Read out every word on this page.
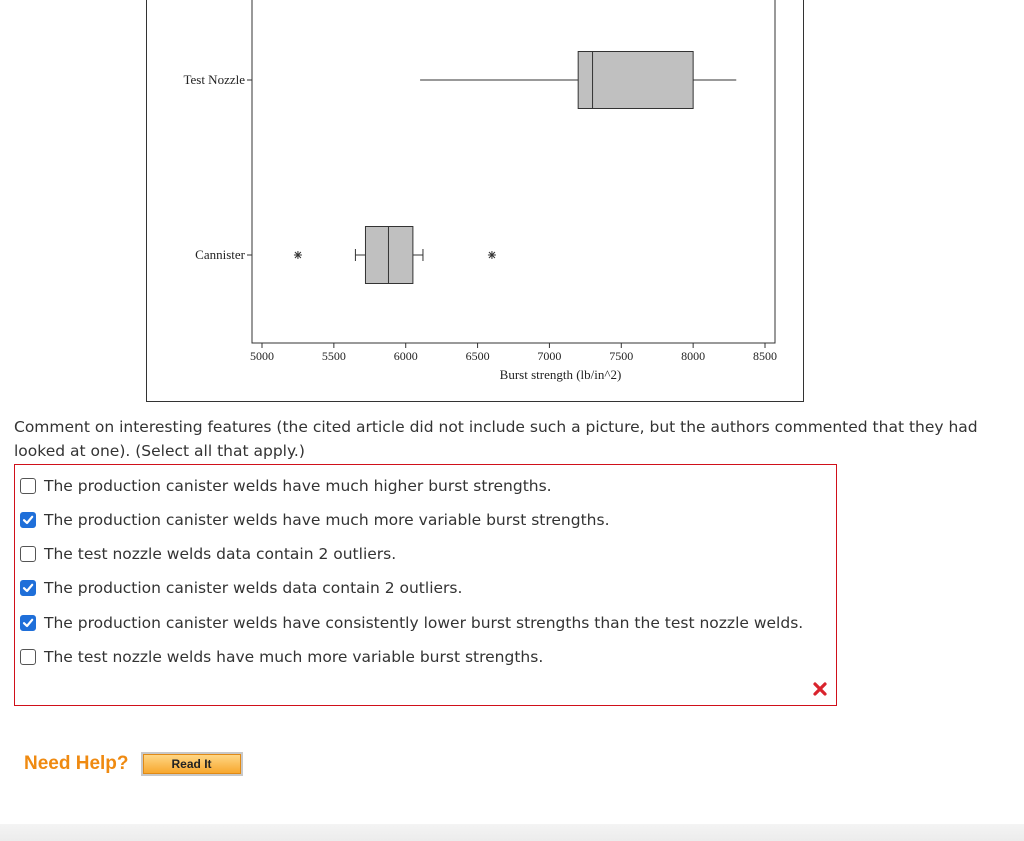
5000	5500	6000	6500	7000	7500	8000	8500
Burst strength (lb/in^2)
Test Nozzle
Cannister
Comment on interesting features (the cited article did not include such a picture, but the authors commented that they had looked at one). (Select all that apply.)
The production canister welds have much higher burst strengths.
The production canister welds have much more variable burst strengths.
The test nozzle welds data contain 2 outliers.
The production canister welds data contain 2 outliers.
The production canister welds have consistently lower burst strengths than the test nozzle welds.
The test nozzle welds have much more variable burst strengths.
Need Help?	Read It
